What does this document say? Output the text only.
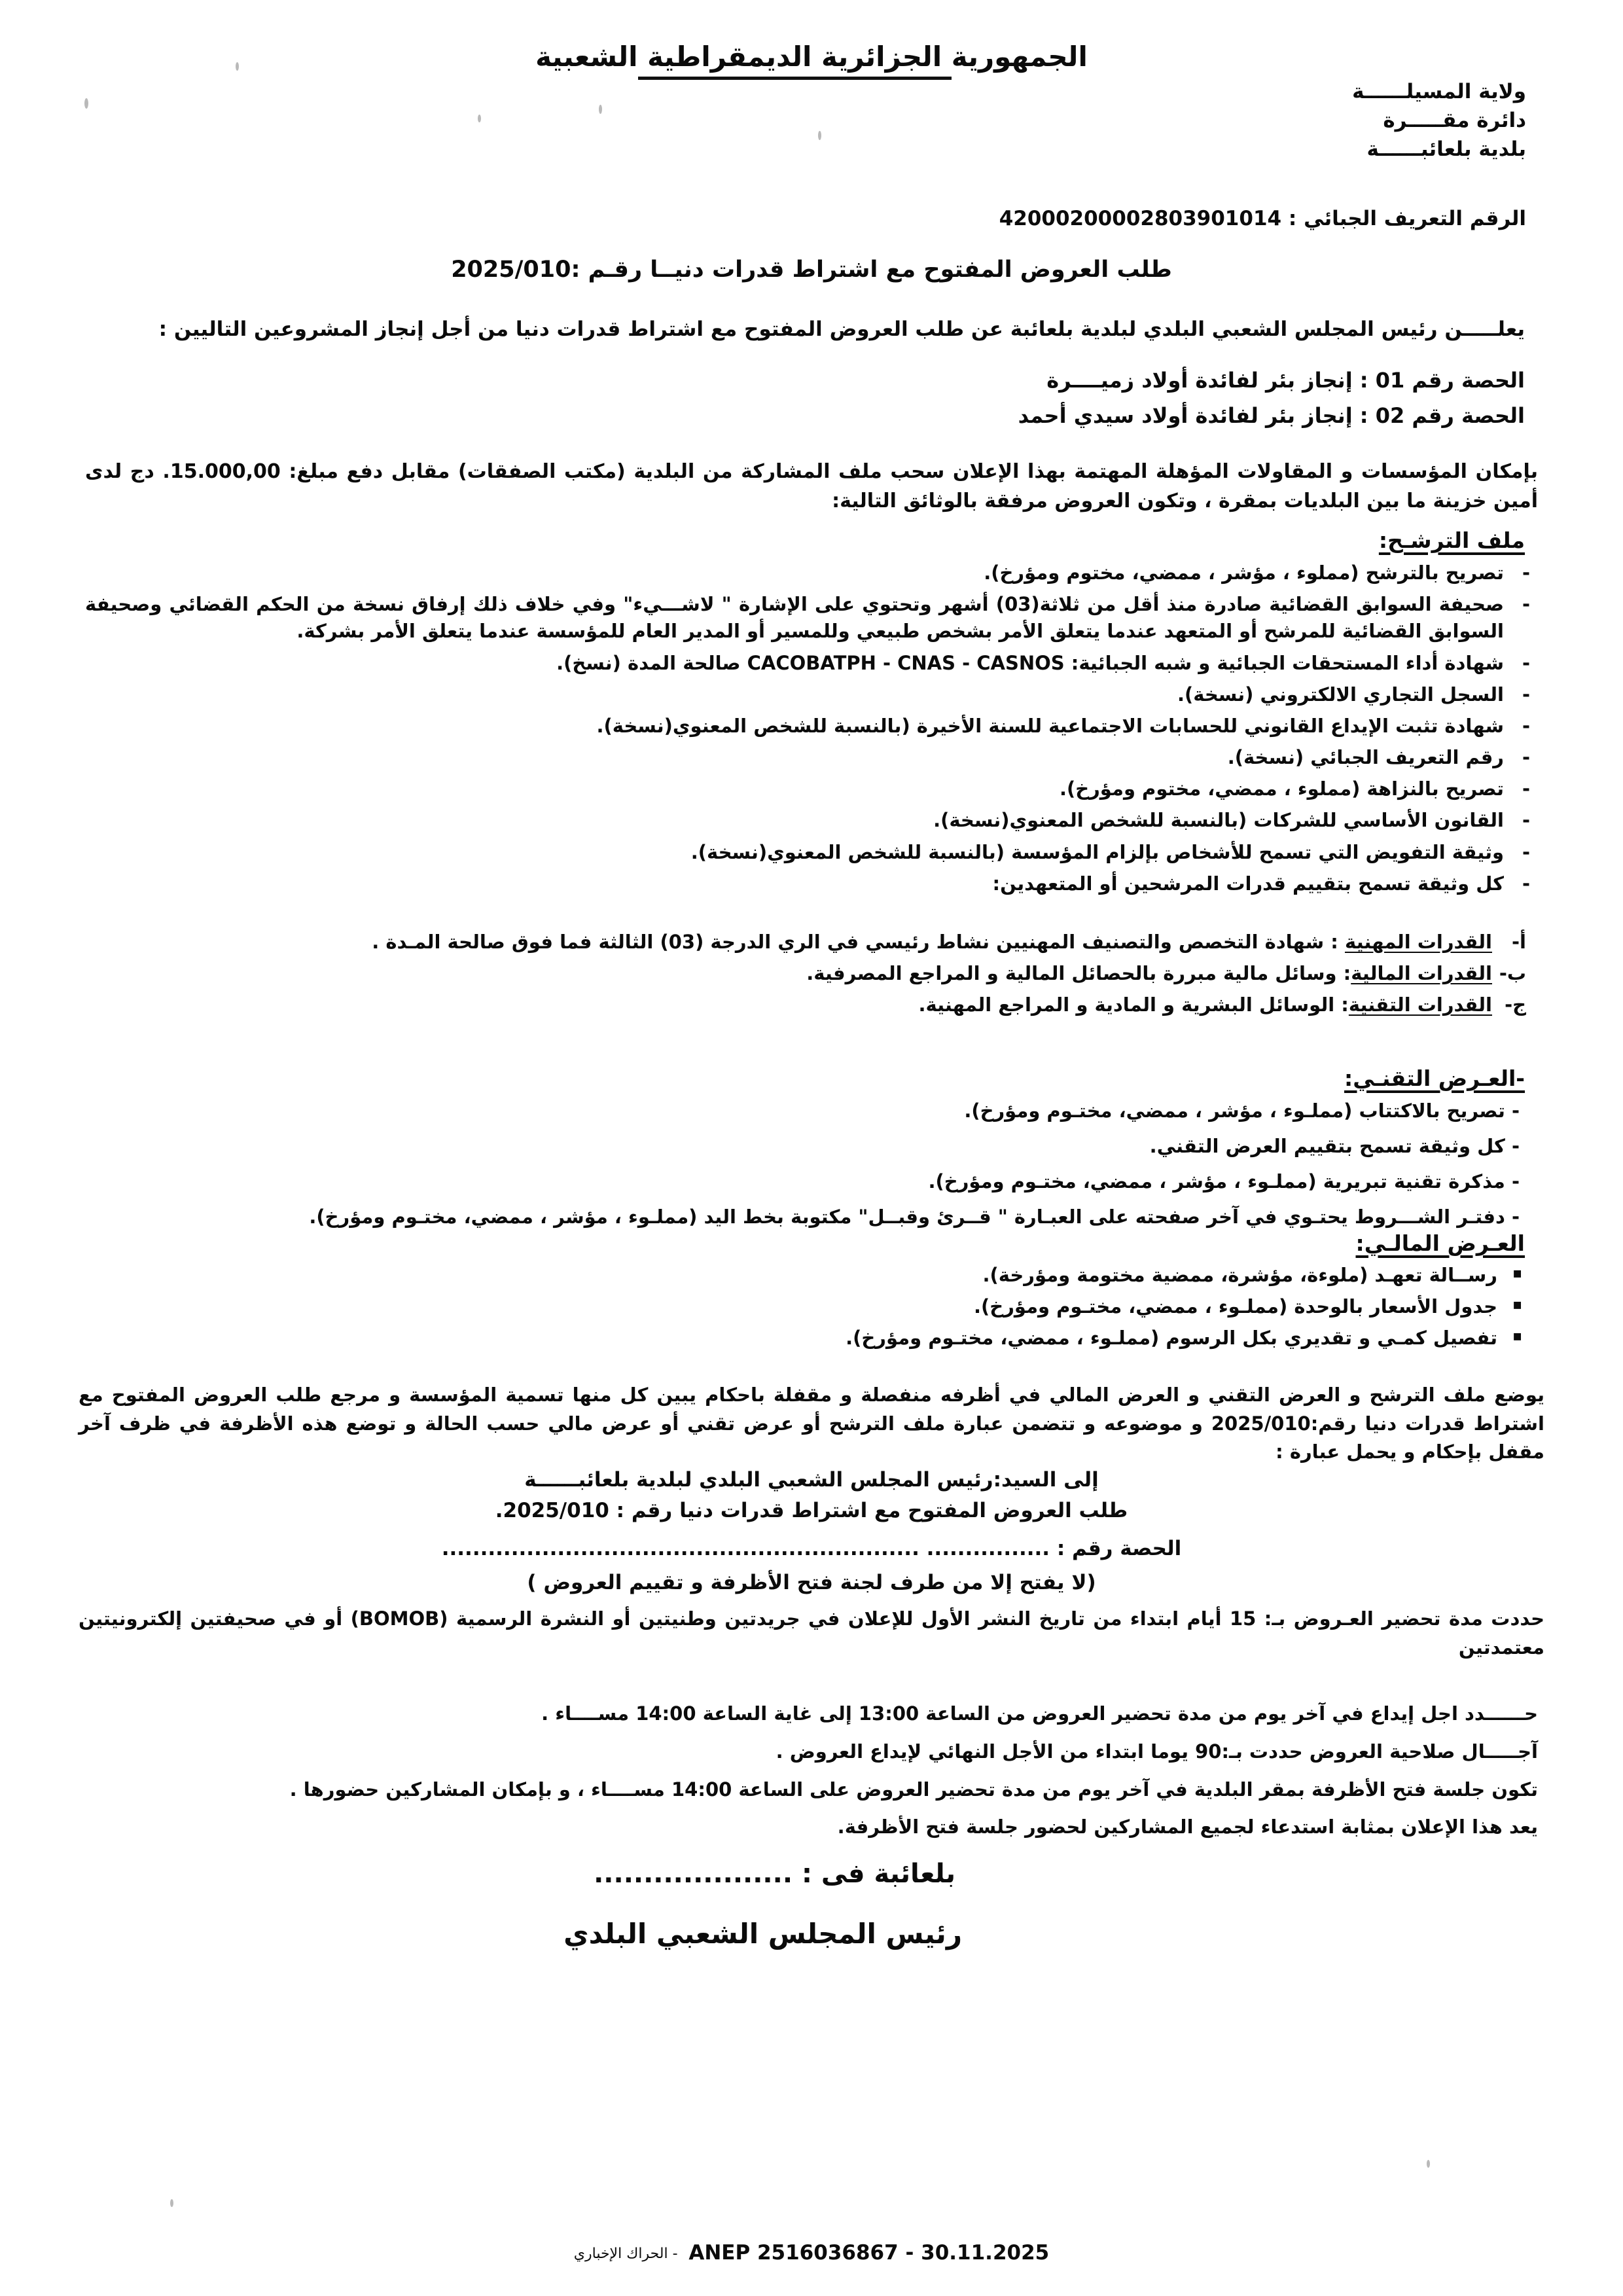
الجمهورية الجزائرية الديمقراطية الشعبية
ولاية المسيلــــــة
دائرة مقـــــرة
بلدية بلعائبــــــة
الرقم التعريف الجبائي : 42000200002803901014
طلب العروض المفتوح مع اشتراط قدرات دنيــا رقـم :2025/010
يعلـــــن رئيس المجلس الشعبي البلدي لبلدية بلعائبة عن طلب العروض المفتوح مع اشتراط قدرات دنيا من أجل إنجاز المشروعين التاليين :
الحصة رقم 01 : إنجاز بئر لفائدة أولاد زميــــرة
الحصة رقم 02 : إنجاز بئر لفائدة أولاد سيدي أحمد
بإمكان المؤسسات و المقاولات المؤهلة المهتمة بهذا الإعلان سحب ملف المشاركة من البلدية (مكتب الصفقات) مقابل دفع مبلغ: 15.000,00. دج لدى أمين خزينة ما بين البلديات بمقرة ، وتكون العروض مرفقة بالوثائق التالية:
ملف الترشـح:
- تصريح بالترشح (مملوء ، مؤشر ، ممضي، مختوم ومؤرخ).
- صحيفة السوابق القضائية صادرة منذ أقل من ثلاثة(03) أشهر وتحتوي على الإشارة " لاشـــيء" وفي خلاف ذلك إرفاق نسخة من الحكم القضائي وصحيفة السوابق القضائية للمرشح أو المتعهد عندما يتعلق الأمر بشخص طبيعي وللمسير أو المدير العام للمؤسسة عندما يتعلق الأمر بشركة.
- شهادة أداء المستحقات الجبائية و شبه الجبائية: CACOBATPH - CNAS - CASNOS صالحة المدة (نسخ).
- السجل التجاري الالكتروني (نسخة).
- شهادة تثبت الإيداع القانوني للحسابات الاجتماعية للسنة الأخيرة (بالنسبة للشخص المعنوي(نسخة).
- رقم التعريف الجبائي (نسخة).
- تصريح بالنزاهة (مملوء ، ممضي، مختوم ومؤرخ).
- القانون الأساسي للشركات (بالنسبة للشخص المعنوي(نسخة).
- وثيقة التفويض التي تسمح للأشخاص بإلزام المؤسسة (بالنسبة للشخص المعنوي(نسخة).
- كل وثيقة تسمح بتقييم قدرات المرشحين أو المتعهدين:
أ-
القدرات المهنية : شهادة التخصص والتصنيف المهنيين نشاط رئيسي في الري الدرجة (03) الثالثة فما فوق صالحة المـدة .
ب-
القدرات المالية: وسائل مالية مبررة بالحصائل المالية و المراجع المصرفية.
ج-
القدرات التقنية: الوسائل البشرية و المادية و المراجع المهنية.
-العـرض التقنـي:
- تصريح بالاكتتاب (مملـوء ، مؤشر ، ممضي، مختـوم ومؤرخ).
- كل وثيقة تسمح بتقييم العرض التقني.
- مذكرة تقنية تبريرية (مملـوء ، مؤشر ، ممضي، مختـوم ومؤرخ).
- دفتـر الشـــروط يحتـوي في آخر صفحته على العبـارة " قــرئ وقبــل" مكتوبة بخط اليد (مملـوء ، مؤشر ، ممضي، مختـوم ومؤرخ).
العـرض المالـي:
▪ رســالة تعهـد (ملوءة، مؤشرة، ممضية مختومة ومؤرخة).
▪ جدول الأسعار بالوحدة (مملـوء ، ممضي، مختـوم ومؤرخ).
▪ تفصيل كمـي و تقديري بكل الرسوم (مملـوء ، ممضي، مختـوم ومؤرخ).
يوضع ملف الترشح و العرض التقني و العرض المالي في أظرفه منفصلة و مقفلة باحكام يبين كل منها تسمية المؤسسة و مرجع طلب العروض المفتوح مع اشتراط قدرات دنيا رقم:2025/010 و موضوعه و تتضمن عبارة ملف الترشح أو عرض تقني أو عرض مالي حسب الحالة و توضع هذه الأظرفة في ظرف آخر مقفل بإحكام و يحمل عبارة :
إلى السيد:رئيس المجلس الشعبي البلدي لبلدية بلعائبــــــة
طلب العروض المفتوح مع اشتراط قدرات دنيا رقم : 2025/010.
الحصة رقم : ................ ..............................................................
(لا يفتح إلا من طرف لجنة فتح الأظرفة و تقييم العروض )
حددت مدة تحضير العـروض بـ: 15 أيام ابتداء من تاريخ النشر الأول للإعلان في جريدتين وطنيتين أو النشرة الرسمية (BOMOB) أو في صحيفتين إلكترونيتين معتمدتين

حــــــدد اجل إيداع في آخر يوم من مدة تحضير العروض من الساعة 13:00 إلى غاية الساعة 14:00 مســــاء .

آجـــــال صلاحية العروض حددت بـ:90 يوما ابتداء من الأجل النهائي لإيداع العروض .

تكون جلسة فتح الأظرفة بمقر البلدية في آخر يوم من مدة تحضير العروض على الساعة 14:00 مســــاء ، و بإمكان المشاركين حضورها .

يعد هذا الإعلان بمثابة استدعاء لجميع المشاركين لحضور جلسة فتح الأظرفة.

بلعائبة فى : ....................
رئيس المجلس الشعبي البلدي
- الحراك الإخباري ANEP 2516036867 - 30.11.2025
